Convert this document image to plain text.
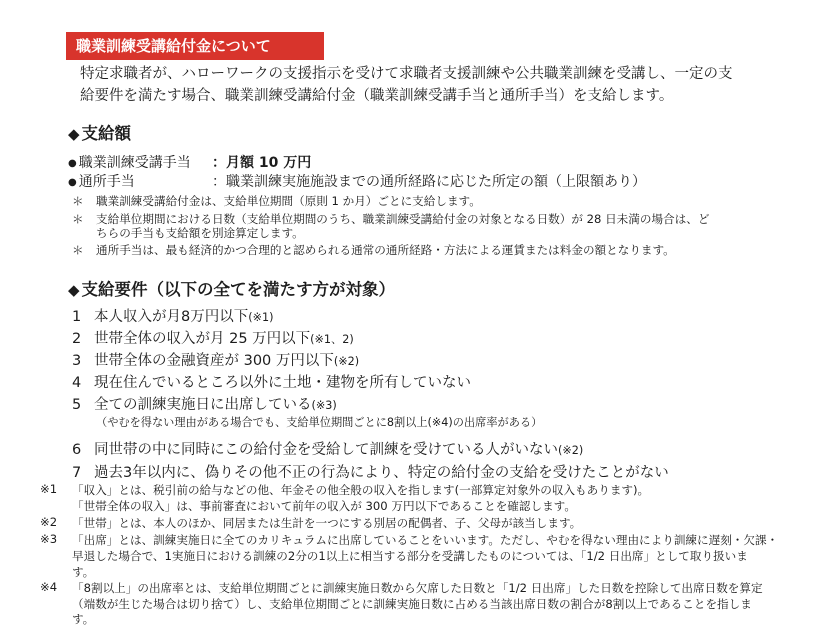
職業訓練受講給付金について
特定求職者が、ハローワークの支援指示を受けて求職者支援訓練や公共職業訓練を受講し、一定の支
給要件を満たす場合、職業訓練受講給付金（職業訓練受講手当と通所手当）を支給します。
◆ 支給額
● 職業訓練受講手当 ：月額 10 万円
● 通所手当	：職業訓練実施施設までの通所経路に応じた所定の額（上限額あり）
＊ 職業訓練受講給付金は、支給単位期間（原則 1 か月）ごとに支給します。
＊ 支給単位期間における日数（支給単位期間のうち、職業訓練受講給付金の対象となる日数）が 28 日未満の場合は、ど
ちらの手当も支給額を別途算定します。
＊ 通所手当は、最も経済的かつ合理的と認められる通常の通所経路・方法による運賃または料金の額となります。
◆ 支給要件（以下の全てを満たす方が対象）
1 本人収入が月8万円以下(※1)
2 世帯全体の収入が月 25 万円以下(※1、2)
3 世帯全体の金融資産が 300 万円以下(※2)
4 現在住んでいるところ以外に土地・建物を所有していない
5 全ての訓練実施日に出席している(※3)
（やむを得ない理由がある場合でも、支給単位期間ごとに8割以上(※4)の出席率がある）
6 同世帯の中に同時にこの給付金を受給して訓練を受けている人がいない(※2)
7 過去3年以内に、偽りその他不正の行為により、特定の給付金の支給を受けたことがない
※1 「収入」とは、税引前の給与などの他、年金その他全般の収入を指します(一部算定対象外の収入もあります)。
「世帯全体の収入」は、事前審査において前年の収入が 300 万円以下であることを確認します。
※2 「世帯」とは、本人のほか、同居または生計を一つにする別居の配偶者、子、父母が該当します。
※3 「出席」とは、訓練実施日に全てのカリキュラムに出席していることをいいます。ただし、やむを得ない理由により訓練に遅刻・欠課・
早退した場合で、1実施日における訓練の2分の1以上に相当する部分を受講したものについては、「1/2 日出席」として取り扱いま
す。
※4 「8割以上」の出席率とは、支給単位期間ごとに訓練実施日数から欠席した日数と「1/2 日出席」した日数を控除して出席日数を算定
（端数が生じた場合は切り捨て）し、支給単位期間ごとに訓練実施日数に占める当該出席日数の割合が8割以上であることを指しま
す。
